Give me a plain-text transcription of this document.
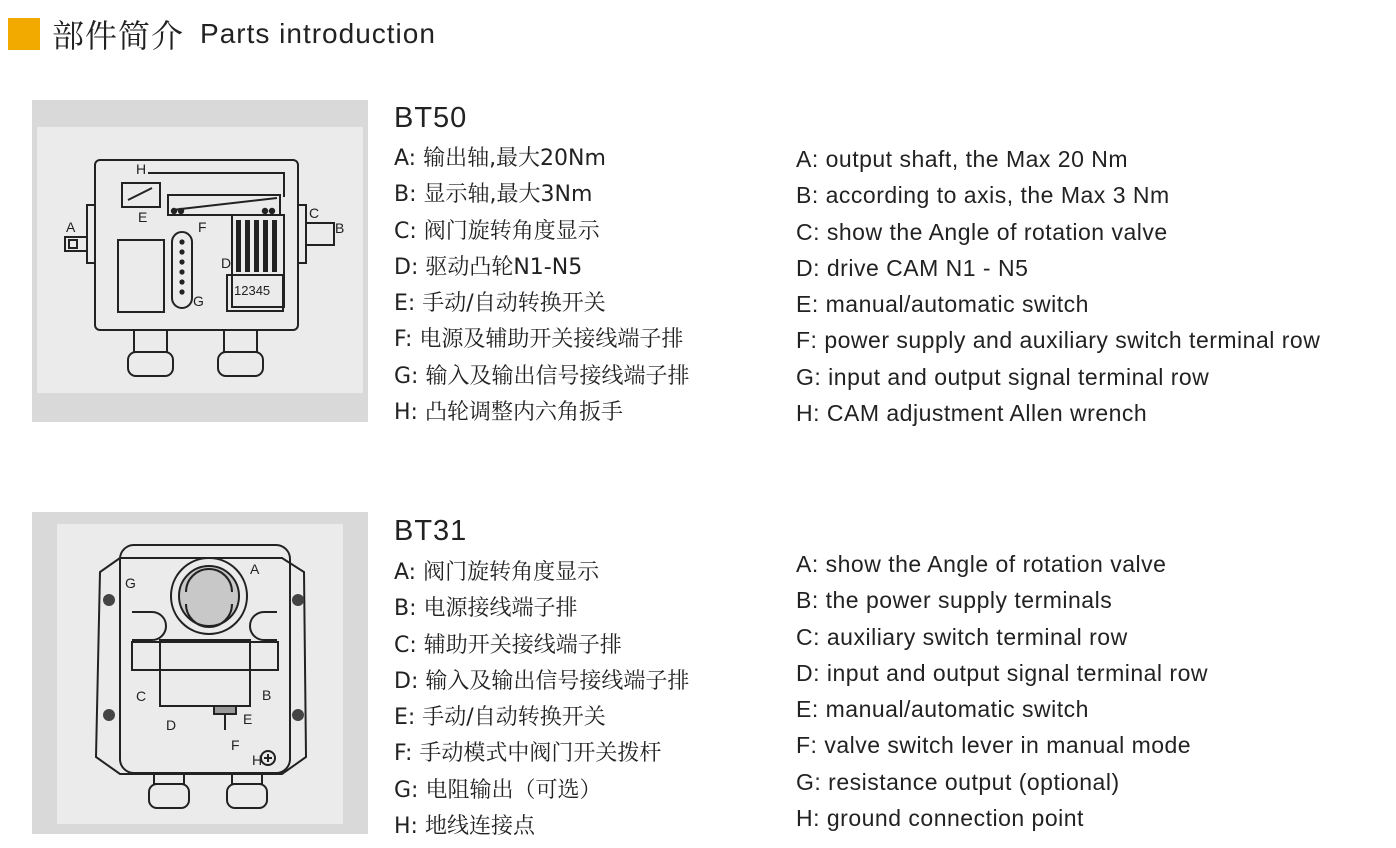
部件简介 Parts introduction
A	B
C
D
E
F
G
H
12345
BT50
A: 输出轴,最大20Nm
B: 显示轴,最大3Nm
C: 阀门旋转角度显示
D: 驱动凸轮N1-N5
E: 手动/自动转换开关
F: 电源及辅助开关接线端子排
G: 输入及输出信号接线端子排
H: 凸轮调整内六角扳手
A: output shaft, the Max 20 Nm
B: according to axis, the Max 3 Nm
C: show the Angle of rotation valve
D: drive CAM N1 - N5
E: manual/automatic switch
F: power supply and auxiliary switch terminal row
G: input and output signal terminal row
H: CAM adjustment Allen wrench
A
B
C
D	E
F
G
H
BT31
A: 阀门旋转角度显示
B: 电源接线端子排
C: 辅助开关接线端子排
D: 输入及输出信号接线端子排
E: 手动/自动转换开关
F: 手动模式中阀门开关拨杆
G: 电阻输出（可选）
H: 地线连接点
A: show the Angle of rotation valve
B: the power supply terminals
C: auxiliary switch terminal row
D: input and output signal terminal row
E: manual/automatic switch
F: valve switch lever in manual mode
G: resistance output (optional)
H: ground connection point
